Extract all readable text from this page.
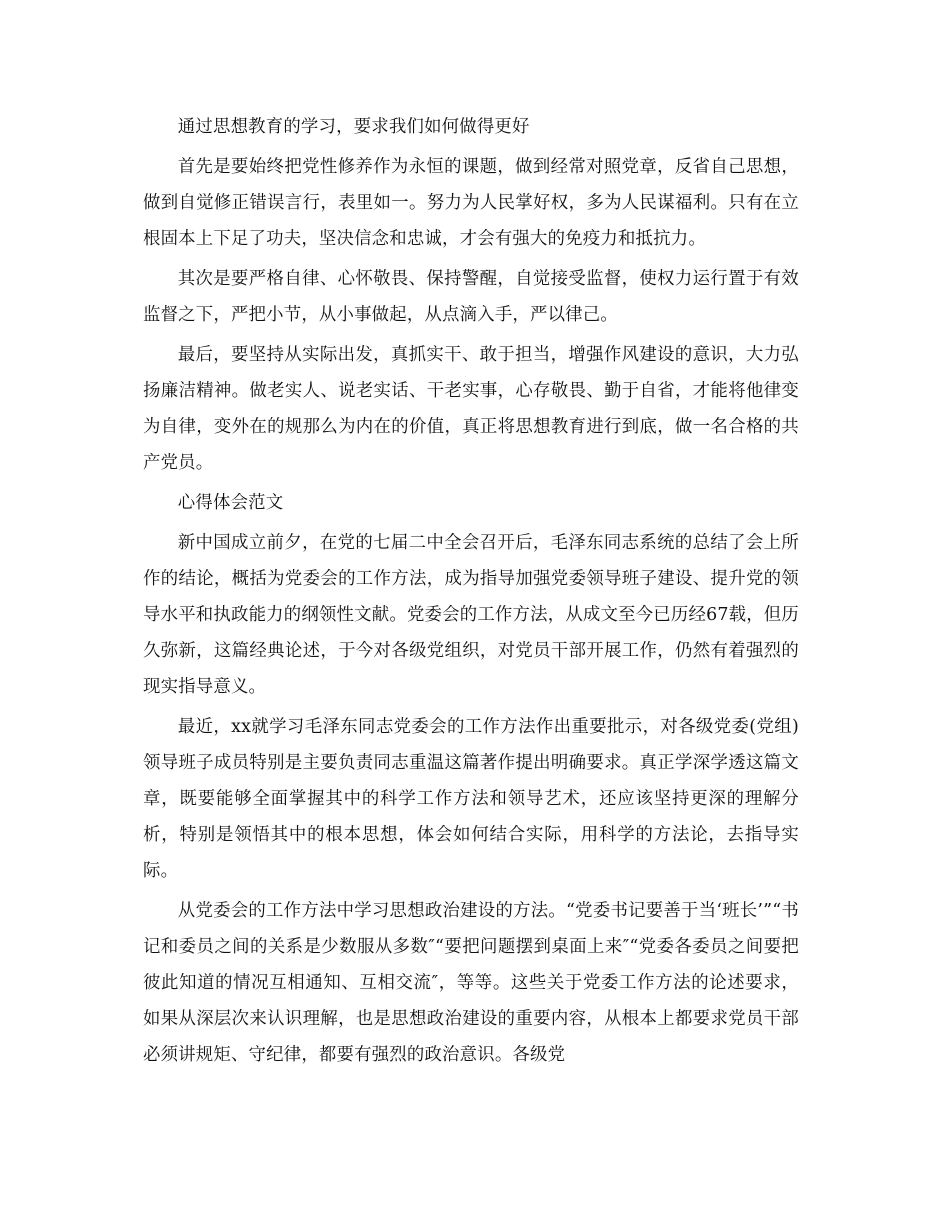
通过思想教育的学习，要求我们如何做得更好

首先是要始终把党性修养作为永恒的课题，做到经常对照党章，反省自己思想，做到自觉修正错误言行，表里如一。努力为人民掌好权，多为人民谋福利。只有在立根固本上下足了功夫，坚决信念和忠诚，才会有强大的免疫力和抵抗力。

其次是要严格自律、心怀敬畏、保持警醒，自觉接受监督，使权力运行置于有效监督之下，严把小节，从小事做起，从点滴入手，严以律己。

最后，要坚持从实际出发，真抓实干、敢于担当，增强作风建设的意识，大力弘扬廉洁精神。做老实人、说老实话、干老实事，心存敬畏、勤于自省，才能将他律变为自律，变外在的规那么为内在的价值，真正将思想教育进行到底，做一名合格的共产党员。

心得体会范文

新中国成立前夕，在党的七届二中全会召开后，毛泽东同志系统的总结了会上所作的结论，概括为党委会的工作方法，成为指导加强党委领导班子建设、提升党的领导水平和执政能力的纲领性文献。党委会的工作方法，从成文至今已历经67载，但历久弥新，这篇经典论述，于今对各级党组织，对党员干部开展工作，仍然有着强烈的现实指导意义。

最近，xx就学习毛泽东同志党委会的工作方法作出重要批示，对各级党委(党组)领导班子成员特别是主要负责同志重温这篇著作提出明确要求。真正学深学透这篇文章，既要能够全面掌握其中的科学工作方法和领导艺术，还应该坚持更深的理解分析，特别是领悟其中的根本思想，体会如何结合实际，用科学的方法论，去指导实际。

从党委会的工作方法中学习思想政治建设的方法。“党委书记要善于当‘班长’”“书记和委员之间的关系是少数服从多数″“要把问题摆到桌面上来″“党委各委员之间要把彼此知道的情况互相通知、互相交流″，等等。这些关于党委工作方法的论述要求，如果从深层次来认识理解，也是思想政治建设的重要内容，从根本上都要求党员干部必须讲规矩、守纪律，都要有强烈的政治意识。各级党
